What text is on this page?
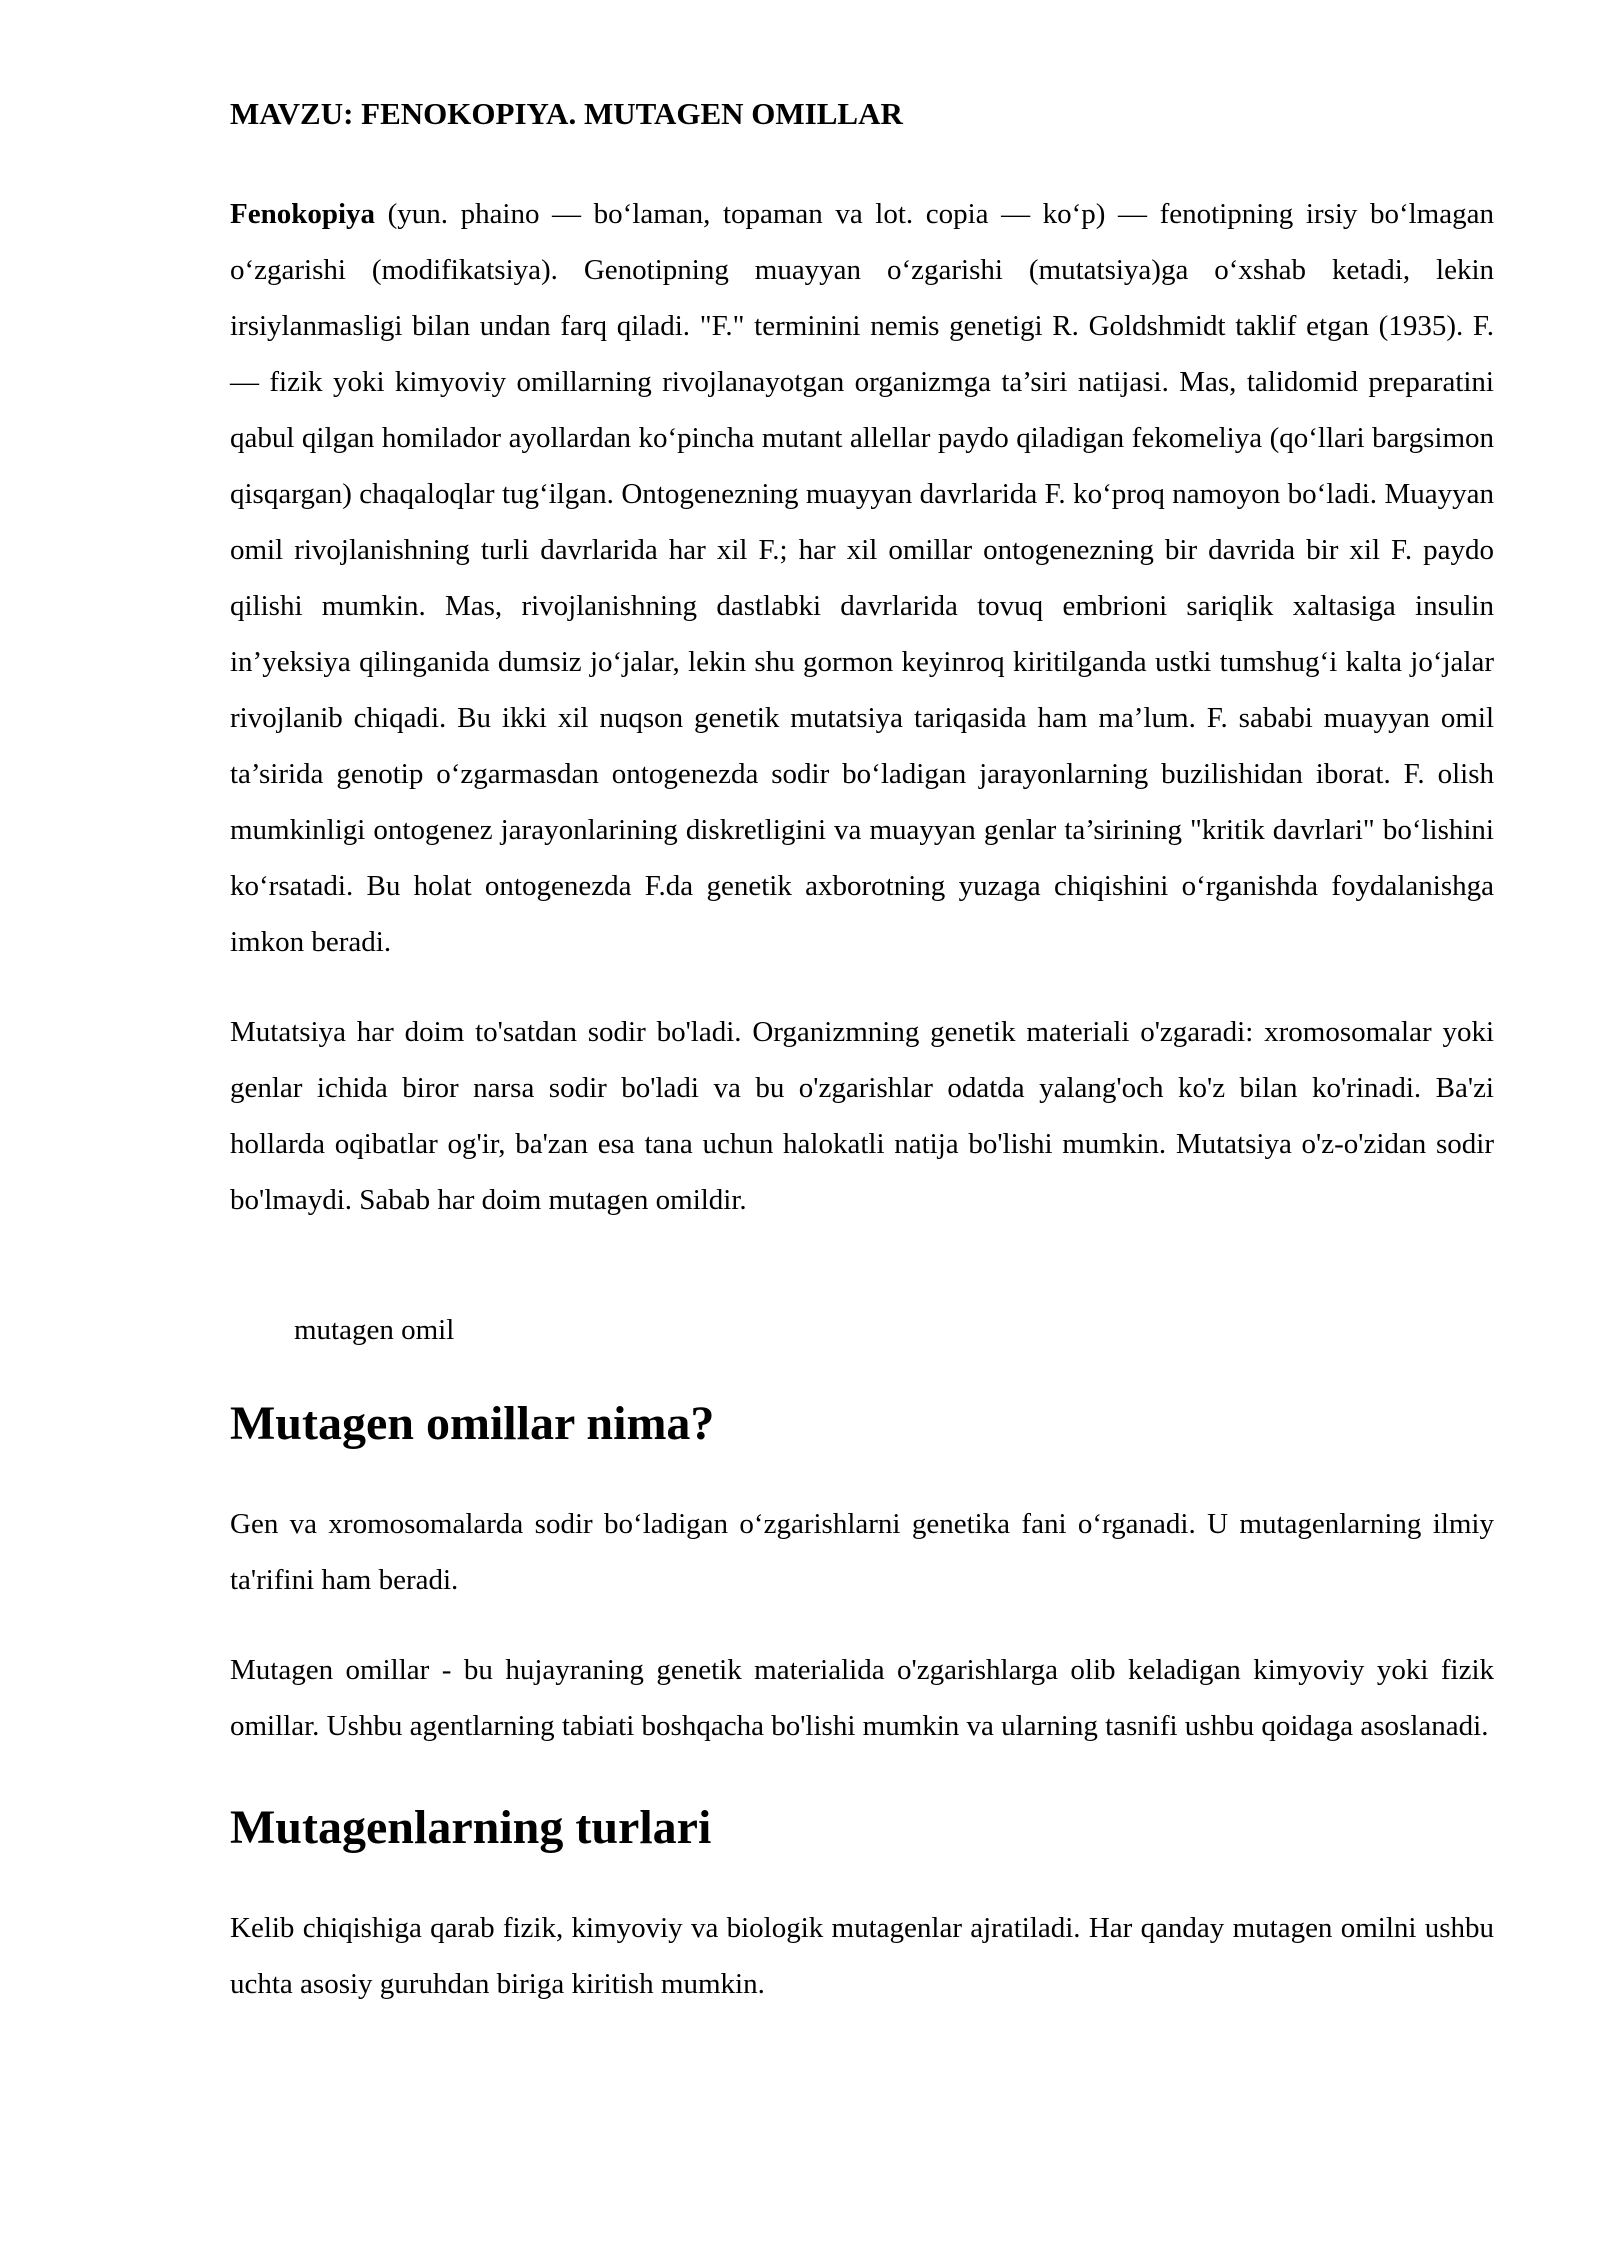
MAVZU: FENOKOPIYA. MUTAGEN OMILLAR

Fenokopiya (yun. phaino — bo‘laman, topaman va lot. copia — ko‘p) — fenotipning irsiy bo‘lmagan o‘zgarishi (modifikatsiya). Genotipning muayyan o‘zgarishi (mutatsiya)ga o‘xshab ketadi, lekin irsiylanmasligi bilan undan farq qiladi. "F." terminini nemis genetigi R. Goldshmidt taklif etgan (1935). F. — fizik yoki kimyoviy omillarning rivojlanayotgan organizmga ta’siri natijasi. Mas, talidomid preparatini qabul qilgan homilador ayollardan ko‘pincha mutant allellar paydo qiladigan fekomeliya (qo‘llari bargsimon qisqargan) chaqaloqlar tug‘ilgan. Ontogenezning muayyan davrlarida F. ko‘proq namoyon bo‘ladi. Muayyan omil rivojlanishning turli davrlarida har xil F.; har xil omillar ontogenezning bir davrida bir xil F. paydo qilishi mumkin. Mas, rivojlanishning dastlabki davrlarida tovuq embrioni sariqlik xaltasiga insulin in’yeksiya qilinganida dumsiz jo‘jalar, lekin shu gormon keyinroq kiritilganda ustki tumshug‘i kalta jo‘jalar rivojlanib chiqadi. Bu ikki xil nuqson genetik mutatsiya tariqasida ham ma’lum. F. sababi muayyan omil ta’sirida genotip o‘zgarmasdan ontogenezda sodir bo‘ladigan jarayonlarning buzilishidan iborat. F. olish mumkinligi ontogenez jarayonlarining diskretligini va muayyan genlar ta’sirining "kritik davrlari" bo‘lishini ko‘rsatadi. Bu holat ontogenezda F.da genetik axborotning yuzaga chiqishini o‘rganishda foydalanishga imkon beradi.

Mutatsiya har doim to'satdan sodir bo'ladi. Organizmning genetik materiali o'zgaradi: xromosomalar yoki genlar ichida biror narsa sodir bo'ladi va bu o'zgarishlar odatda yalang'och ko'z bilan ko'rinadi. Ba'zi hollarda oqibatlar og'ir, ba'zan esa tana uchun halokatli natija bo'lishi mumkin. Mutatsiya o'z-o'zidan sodir bo'lmaydi. Sabab har doim mutagen omildir.

mutagen omil
Mutagen omillar nima?

Gen va xromosomalarda sodir bo‘ladigan o‘zgarishlarni genetika fani o‘rganadi. U mutagenlarning ilmiy ta'rifini ham beradi.

Mutagen omillar - bu hujayraning genetik materialida o'zgarishlarga olib keladigan kimyoviy yoki fizik omillar. Ushbu agentlarning tabiati boshqacha bo'lishi mumkin va ularning tasnifi ushbu qoidaga asoslanadi.

Mutagenlarning turlari

Kelib chiqishiga qarab fizik, kimyoviy va biologik mutagenlar ajratiladi. Har qanday mutagen omilni ushbu uchta asosiy guruhdan biriga kiritish mumkin.
